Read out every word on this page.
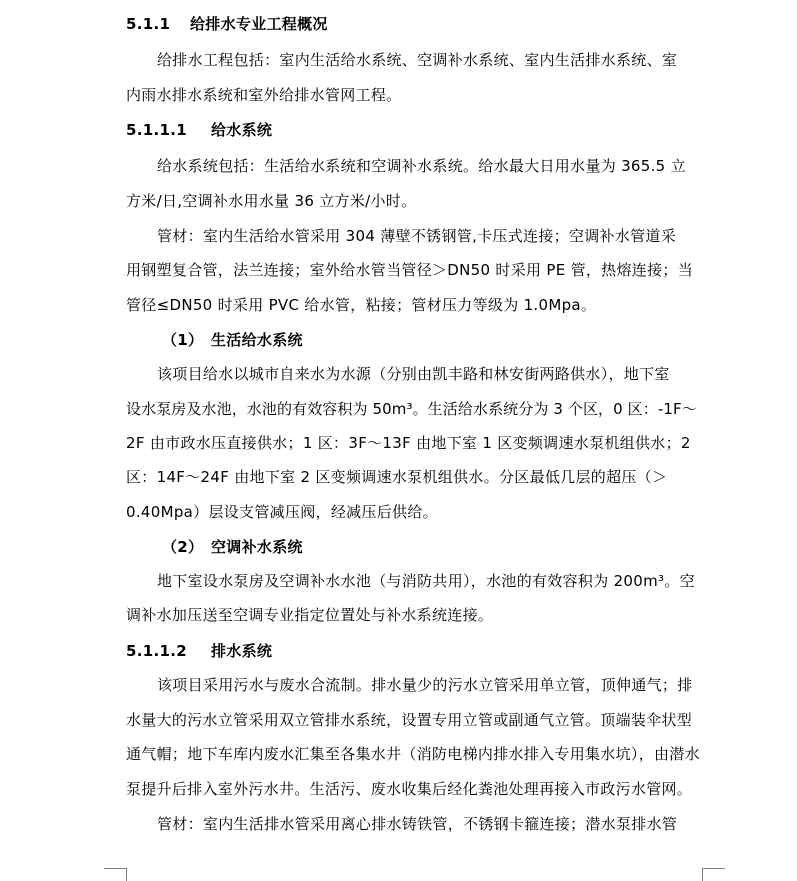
5.1.1 给排水专业工程概况
给排水工程包括：室内生活给水系统、空调补水系统、室内生活排水系统、室
内雨水排水系统和室外给排水管网工程。
5.1.1.1 给水系统
给水系统包括：生活给水系统和空调补水系统。给水最大日用水量为 365.5 立
方米/日,空调补水用水量 36 立方米/小时。
管材：室内生活给水管采用 304 薄壁不锈钢管,卡压式连接；空调补水管道采
用钢塑复合管，法兰连接；室外给水管当管径＞DN50 时采用 PE 管，热熔连接；当
管径≤DN50 时采用 PVC 给水管，粘接；管材压力等级为 1.0Mpa。
（1） 生活给水系统
该项目给水以城市自来水为水源（分别由凯丰路和林安街两路供水），地下室
设水泵房及水池，水池的有效容积为 50m³。生活给水系统分为 3 个区，0 区：-1F～
2F 由市政水压直接供水；1 区：3F～13F 由地下室 1 区变频调速水泵机组供水；2
区：14F～24F 由地下室 2 区变频调速水泵机组供水。分区最低几层的超压（＞
0.40Mpa）层设支管减压阀，经减压后供给。
（2） 空调补水系统
地下室设水泵房及空调补水水池（与消防共用），水池的有效容积为 200m³。空
调补水加压送至空调专业指定位置处与补水系统连接。
5.1.1.2 排水系统
该项目采用污水与废水合流制。排水量少的污水立管采用单立管，顶伸通气；排
水量大的污水立管采用双立管排水系统，设置专用立管或副通气立管。顶端装伞状型
通气帽；地下车库内废水汇集至各集水井（消防电梯内排水排入专用集水坑），由潜水
泵提升后排入室外污水井。生活污、废水收集后经化粪池处理再接入市政污水管网。
管材：室内生活排水管采用离心排水铸铁管，不锈钢卡箍连接；潜水泵排水管
